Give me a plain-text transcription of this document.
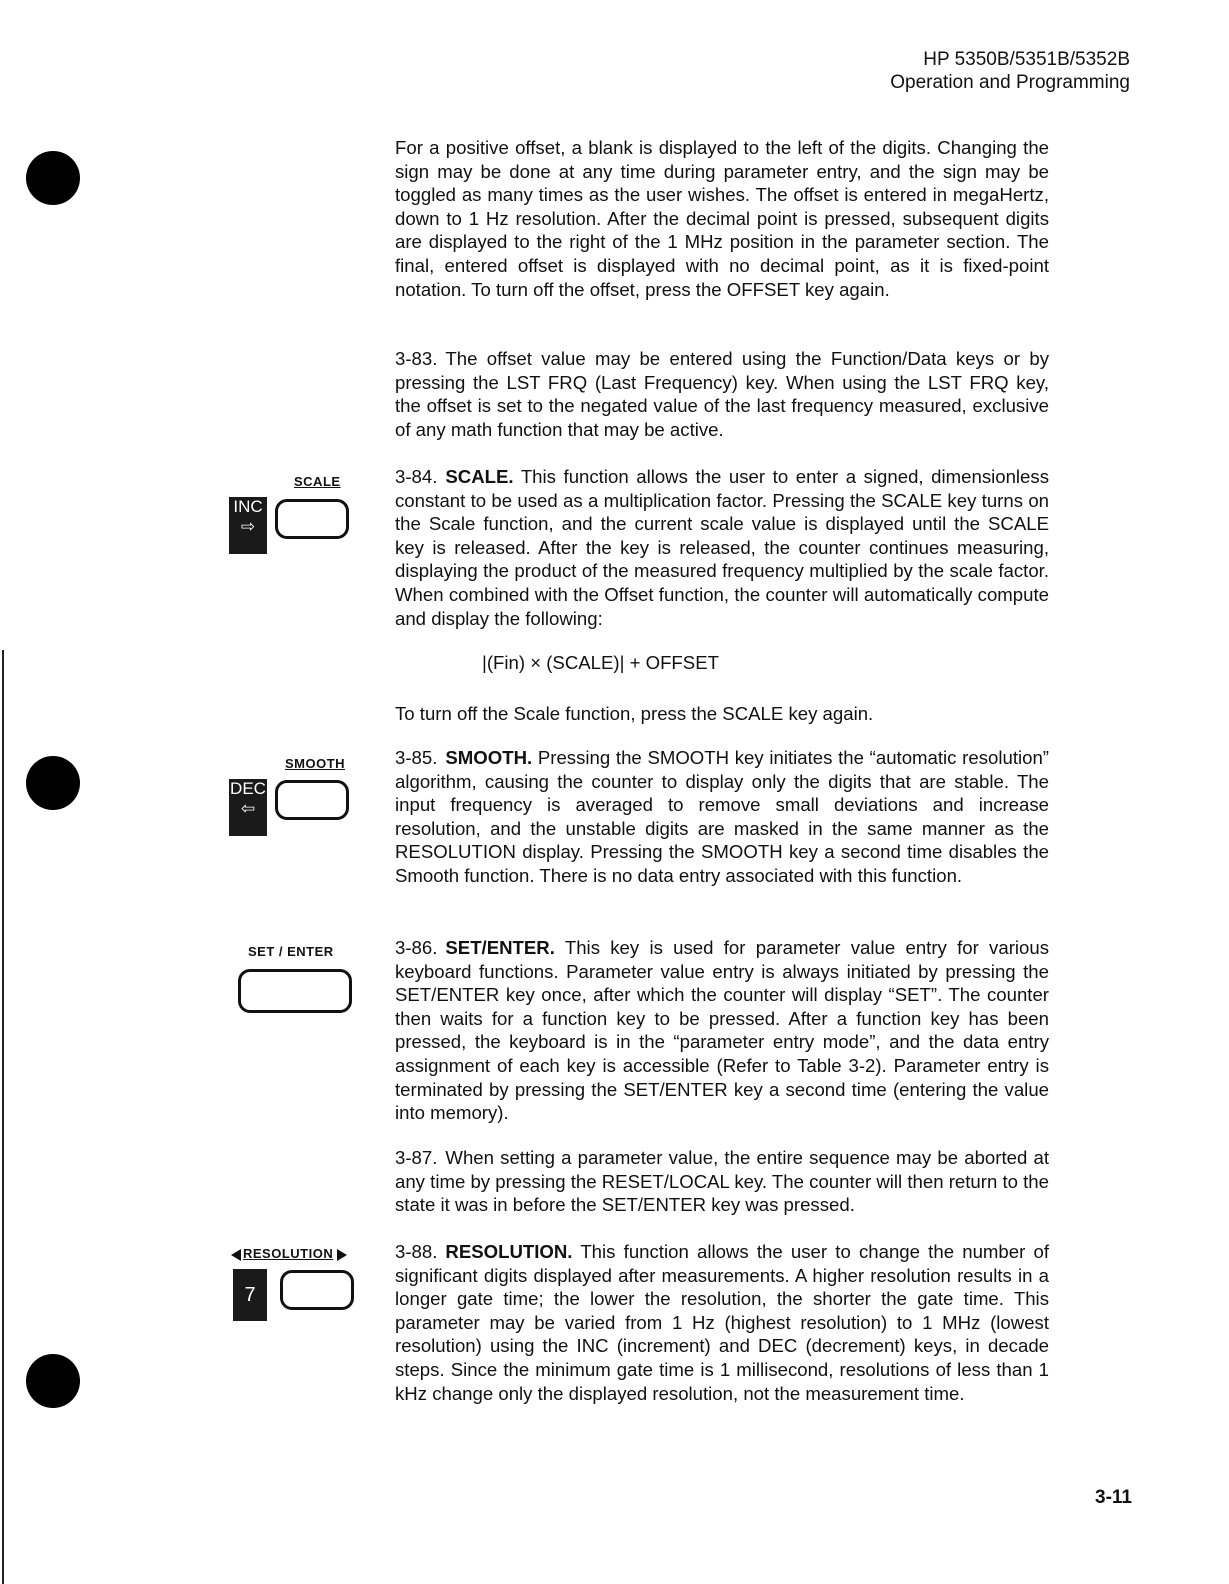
HP 5350B/5351B/5352B
Operation and Programming

For a positive offset, a blank is displayed to the left of the digits. Changing the sign may be done at any time during parameter entry, and the sign may be toggled as many times as the user wishes. The offset is entered in megaHertz, down to 1 Hz resolution. After the decimal point is pressed, subsequent digits are displayed to the right of the 1 MHz position in the parameter section. The final, entered offset is displayed with no decimal point, as it is fixed-point notation. To turn off the offset, press the OFFSET key again.

3-83. The offset value may be entered using the Function/Data keys or by pressing the LST FRQ (Last Frequency) key. When using the LST FRQ key, the offset is set to the negated value of the last frequency measured, exclusive of any math function that may be active.

SCALE
INC
⇨

3-84. SCALE. This function allows the user to enter a signed, dimensionless constant to be used as a multiplication factor. Pressing the SCALE key turns on the Scale function, and the current scale value is displayed until the SCALE key is released. After the key is released, the counter continues measuring, displaying the product of the measured frequency multiplied by the scale factor. When combined with the Offset function, the counter will automatically compute and display the following:

|(Fin) × (SCALE)| + OFFSET

To turn off the Scale function, press the SCALE key again.

SMOOTH
DEC
⇦

3-85. SMOOTH. Pressing the SMOOTH key initiates the “automatic resolution” algorithm, causing the counter to display only the digits that are stable. The input frequency is averaged to remove small deviations and increase resolution, and the unstable digits are masked in the same manner as the RESOLUTION display. Pressing the SMOOTH key a second time disables the Smooth function. There is no data entry associated with this function.

SET / ENTER	3-86. SET/ENTER. This key is used for parameter value entry for various keyboard functions. Parameter value entry is always initiated by pressing the SET/ENTER key once, after which the counter will display “SET”. The counter then waits for a function key to be pressed. After a function key has been pressed, the keyboard is in the “parameter entry mode”, and the data entry assignment of each key is accessible (Refer to Table 3-2). Parameter entry is terminated by pressing the SET/ENTER key a second time (entering the value into memory).

3-87. When setting a parameter value, the entire sequence may be aborted at any time by pressing the RESET/LOCAL key. The counter will then return to the state it was in before the SET/ENTER key was pressed.

RESOLUTION
7

3-88. RESOLUTION. This function allows the user to change the number of significant digits displayed after measurements. A higher resolution results in a longer gate time; the lower the resolution, the shorter the gate time. This parameter may be varied from 1 Hz (highest resolution) to 1 MHz (lowest resolution) using the INC (increment) and DEC (decrement) keys, in decade steps. Since the minimum gate time is 1 millisecond, resolutions of less than 1 kHz change only the displayed resolution, not the measurement time.

3-11
